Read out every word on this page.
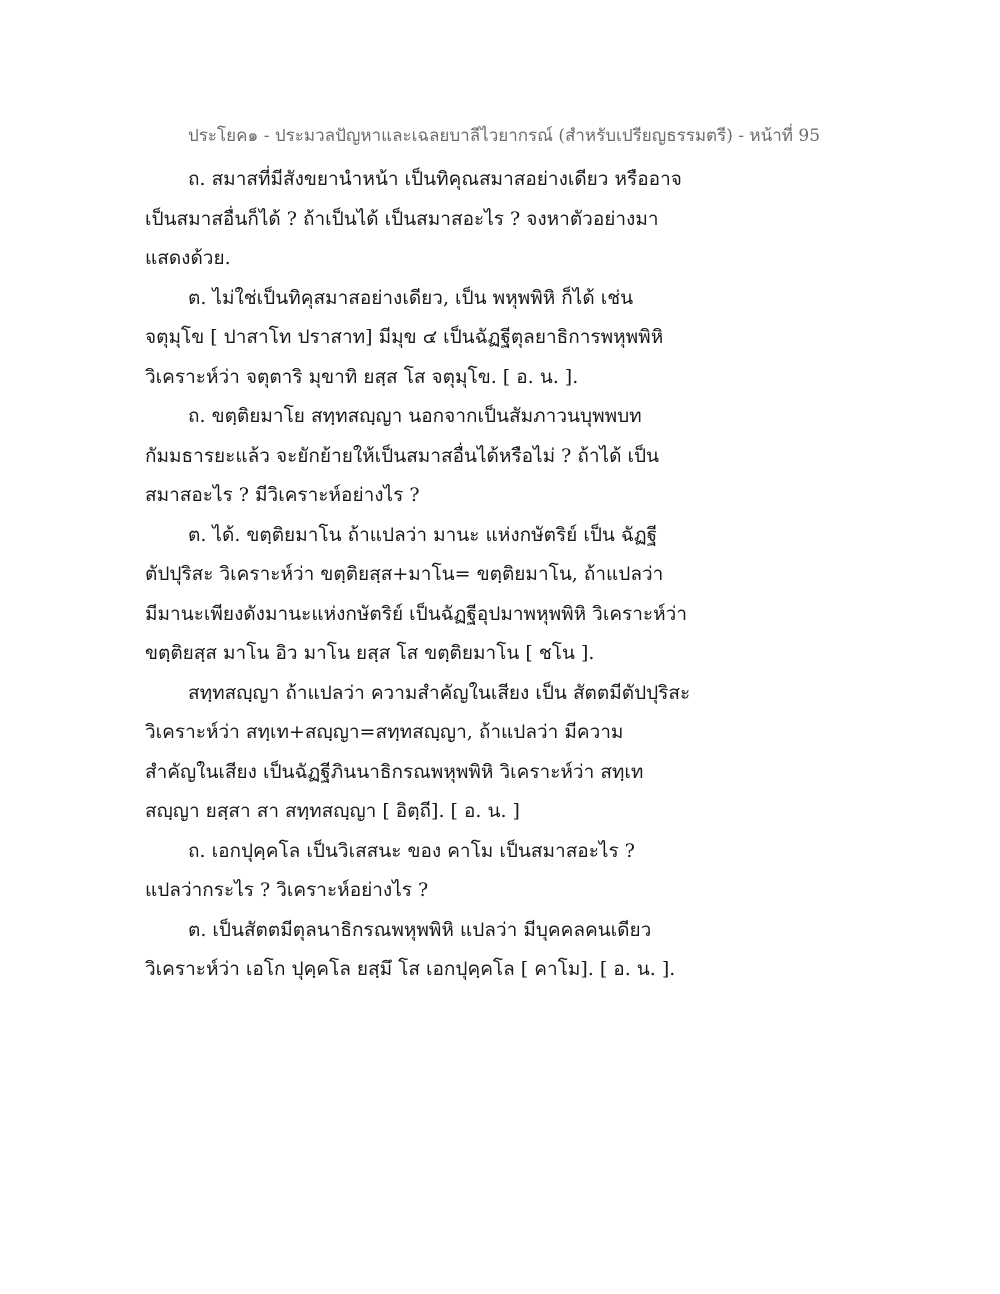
ประโยค๑ - ประมวลปัญหาและเฉลยบาลีไวยากรณ์ (สำหรับเปรียญธรรมตรี) - หน้าที่ 95
ถ. สมาสที่มีสังขยานำหน้า เป็นทิคุณสมาสอย่างเดียว หรืออาจ
เป็นสมาสอื่นก็ได้ ? ถ้าเป็นได้ เป็นสมาสอะไร ? จงหาตัวอย่างมา
แสดงด้วย.
ต. ไม่ใช่เป็นทิคุสมาสอย่างเดียว, เป็น พหุพพิหิ ก็ได้ เช่น
จตุมุโข [ ปาสาโท ปราสาท] มีมุข ๔ เป็นฉัฏฐีตุลยาธิการพหุพพิหิ
วิเคราะห์ว่า จตุตาริ มุขาทิ ยสฺส โส จตุมุโข. [ อ. น. ].
ถ. ขตฺติยมาโย สทฺทสญฺญา นอกจากเป็นสัมภาวนบุพพบท
กัมมธารยะแล้ว จะยักย้ายให้เป็นสมาสอื่นได้หรือไม่ ? ถ้าได้ เป็น
สมาสอะไร ? มีวิเคราะห์อย่างไร ?
ต. ได้. ขตฺติยมาโน ถ้าแปลว่า มานะ แห่งกษัตริย์ เป็น ฉัฏฐี
ตัปปุริสะ วิเคราะห์ว่า ขตฺติยสฺส+มาโน= ขตฺติยมาโน, ถ้าแปลว่า
มีมานะเพียงดังมานะแห่งกษัตริย์ เป็นฉัฏฐีอุปมาพหุพพิหิ วิเคราะห์ว่า
ขตฺติยสฺส มาโน อิว มาโน ยสฺส โส ขตฺติยมาโน [ ชโน ].
สทฺทสญฺญา ถ้าแปลว่า ความสำคัญในเสียง เป็น สัตตมีตัปปุริสะ
วิเคราะห์ว่า สทฺเท+สญฺญา=สทฺทสญฺญา, ถ้าแปลว่า มีความ
สำคัญในเสียง เป็นฉัฏฐีภินนาธิกรณพหุพพิหิ วิเคราะห์ว่า สทฺเท
สญฺญา ยสฺสา สา สทฺทสญฺญา [ อิตฺถี]. [ อ. น. ]
ถ. เอกปุคฺคโล เป็นวิเสสนะ ของ คาโม เป็นสมาสอะไร ?
แปลว่ากระไร ? วิเคราะห์อย่างไร ?
ต. เป็นสัตตมีตุลนาธิกรณพหุพพิหิ แปลว่า มีบุคคลคนเดียว
วิเคราะห์ว่า เอโก ปุคฺคโล ยสฺมึ โส เอกปุคฺคโล [ คาโม]. [ อ. น. ].
